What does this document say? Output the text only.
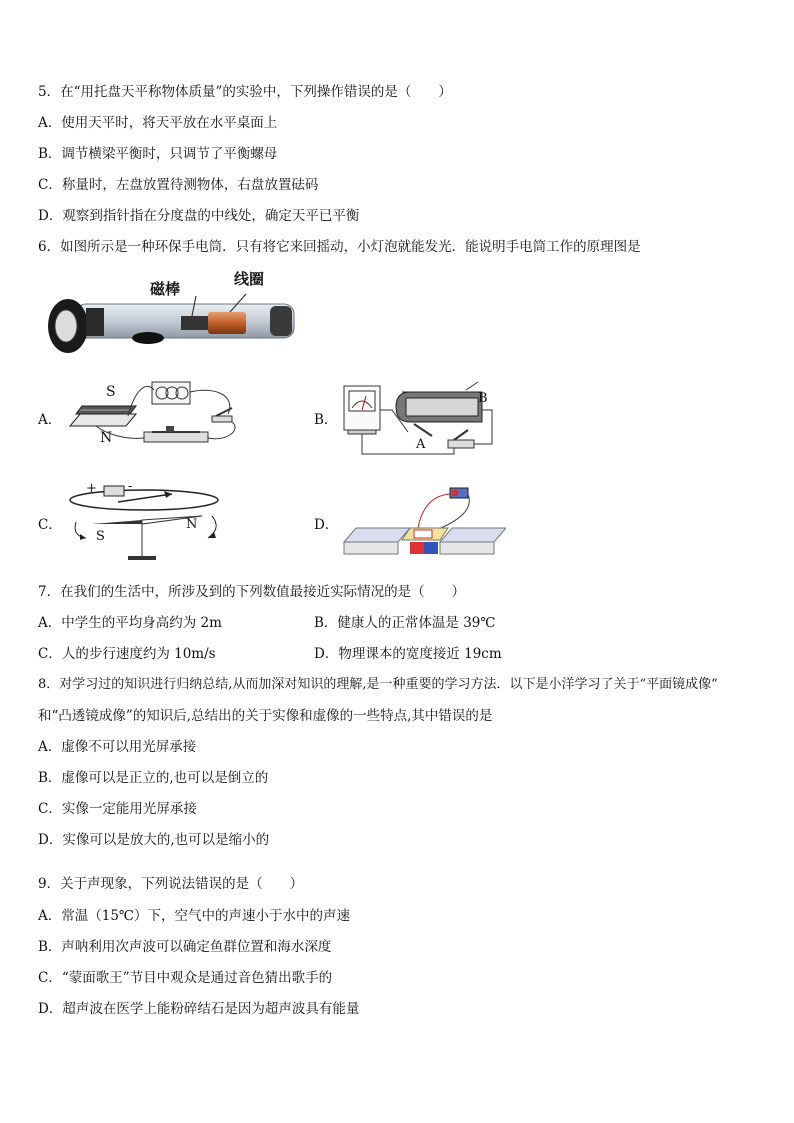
5．在“用托盘天平称物体质量”的实验中，下列操作错误的是（　　）
A．使用天平时，将天平放在水平桌面上
B．调节横梁平衡时，只调节了平衡螺母
C．称量时，左盘放置待测物体，右盘放置砝码
D．观察到指针指在分度盘的中线处，确定天平已平衡
6．如图所示是一种环保手电筒．只有将它来回摇动，小灯泡就能发光．能说明手电筒工作的原理图是
磁棒
线圈
A．
S
N
B．
B
A
C．
+ -
S
N	D．
7．在我们的生活中，所涉及到的下列数值最接近实际情况的是（　　）
A．中学生的平均身高约为 2m	B．健康人的正常体温是 39℃
C．人的步行速度约为 10m/s	D．物理课本的宽度接近 19cm
8．对学习过的知识进行归纳总结,从而加深对知识的理解,是一种重要的学习方法．以下是小洋学习了关于“平面镜成像”
和“凸透镜成像”的知识后,总结出的关于实像和虚像的一些特点,其中错误的是
A．虚像不可以用光屏承接
B．虚像可以是正立的,也可以是倒立的
C．实像一定能用光屏承接
D．实像可以是放大的,也可以是缩小的
9．关于声现象，下列说法错误的是（　　）
A．常温（15℃）下，空气中的声速小于水中的声速
B．声呐利用次声波可以确定鱼群位置和海水深度
C．“蒙面歌王”节目中观众是通过音色猜出歌手的
D．超声波在医学上能粉碎结石是因为超声波具有能量
